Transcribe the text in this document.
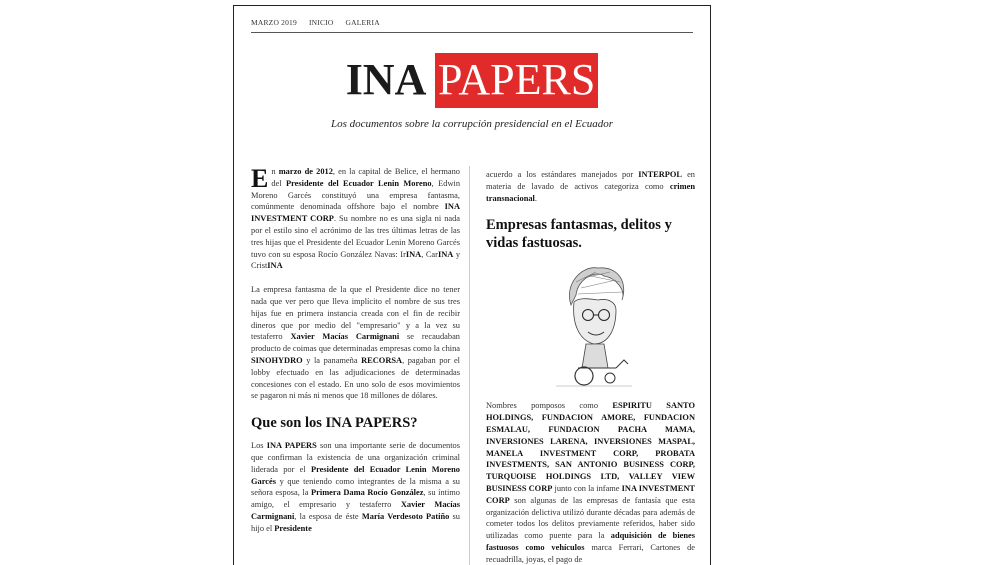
MARZO 2019 INICIO GALERIA
INA PAPERS
Los documentos sobre la corrupción presidencial en el Ecuador

E n marzo de 2012, en la capital de Belice, el hermano del Presidente del Ecuador Lenin Moreno, Edwin Moreno Garcés constituyó una empresa fantasma, comúnmente denominada offshore bajo el nombre INA INVESTMENT CORP. Su nombre no es una sigla ni nada por el estilo sino el acrónimo de las tres últimas letras de las tres hijas que el Presidente del Ecuador Lenin Moreno Garcés tuvo con su esposa Rocío González Navas: IrINA, CarINA y CristINA

La empresa fantasma de la que el Presidente dice no tener nada que ver pero que lleva implícito el nombre de sus tres hijas fue en primera instancia creada con el fin de recibir dineros que por medio del "empresario" y a la vez su testaferro Xavier Macías Carmignani se recaudaban producto de coimas que determinadas empresas como la china SINOHYDRO y la panameña RECORSA, pagaban por el lobby efectuado en las adjudicaciones de determinadas concesiones con el estado. En uno solo de esos movimientos se pagaron ni más ni menos que 18 millones de dólares.

Que son los INA PAPERS?

Los INA PAPERS son una importante serie de documentos que confirman la existencia de una organización criminal liderada por el Presidente del Ecuador Lenin Moreno Garcés y que teniendo como integrantes de la misma a su señora esposa, la Primera Dama Rocío González, su íntimo amigo, el empresario y testaferro Xavier Macías Carmignani, la esposa de éste María Verdesoto Patiño su hijo el Presidente

acuerdo a los estándares manejados por INTERPOL en materia de lavado de activos categoriza como crimen transnacional.

Empresas fantasmas, delitos y vidas fastuosas.

Nombres pomposos como ESPIRITU SANTO HOLDINGS, FUNDACION AMORE, FUNDACION ESMALAU, FUNDACION PACHA MAMA, INVERSIONES LARENA, INVERSIONES MASPAL, MANELA INVESTMENT CORP, PROBATA INVESTMENTS, SAN ANTONIO BUSINESS CORP, TURQUOISE HOLDINGS LTD, VALLEY VIEW BUSINESS CORP junto con la infame INA INVESTMENT CORP son algunas de las empresas de fantasía que esta organización delictiva utilizó durante décadas para además de cometer todos los delitos previamente referidos, haber sido utilizadas como puente para la adquisición de bienes fastuosos como vehículos marca Ferrari, Cartones de recuadrilla, joyas, el pago de
